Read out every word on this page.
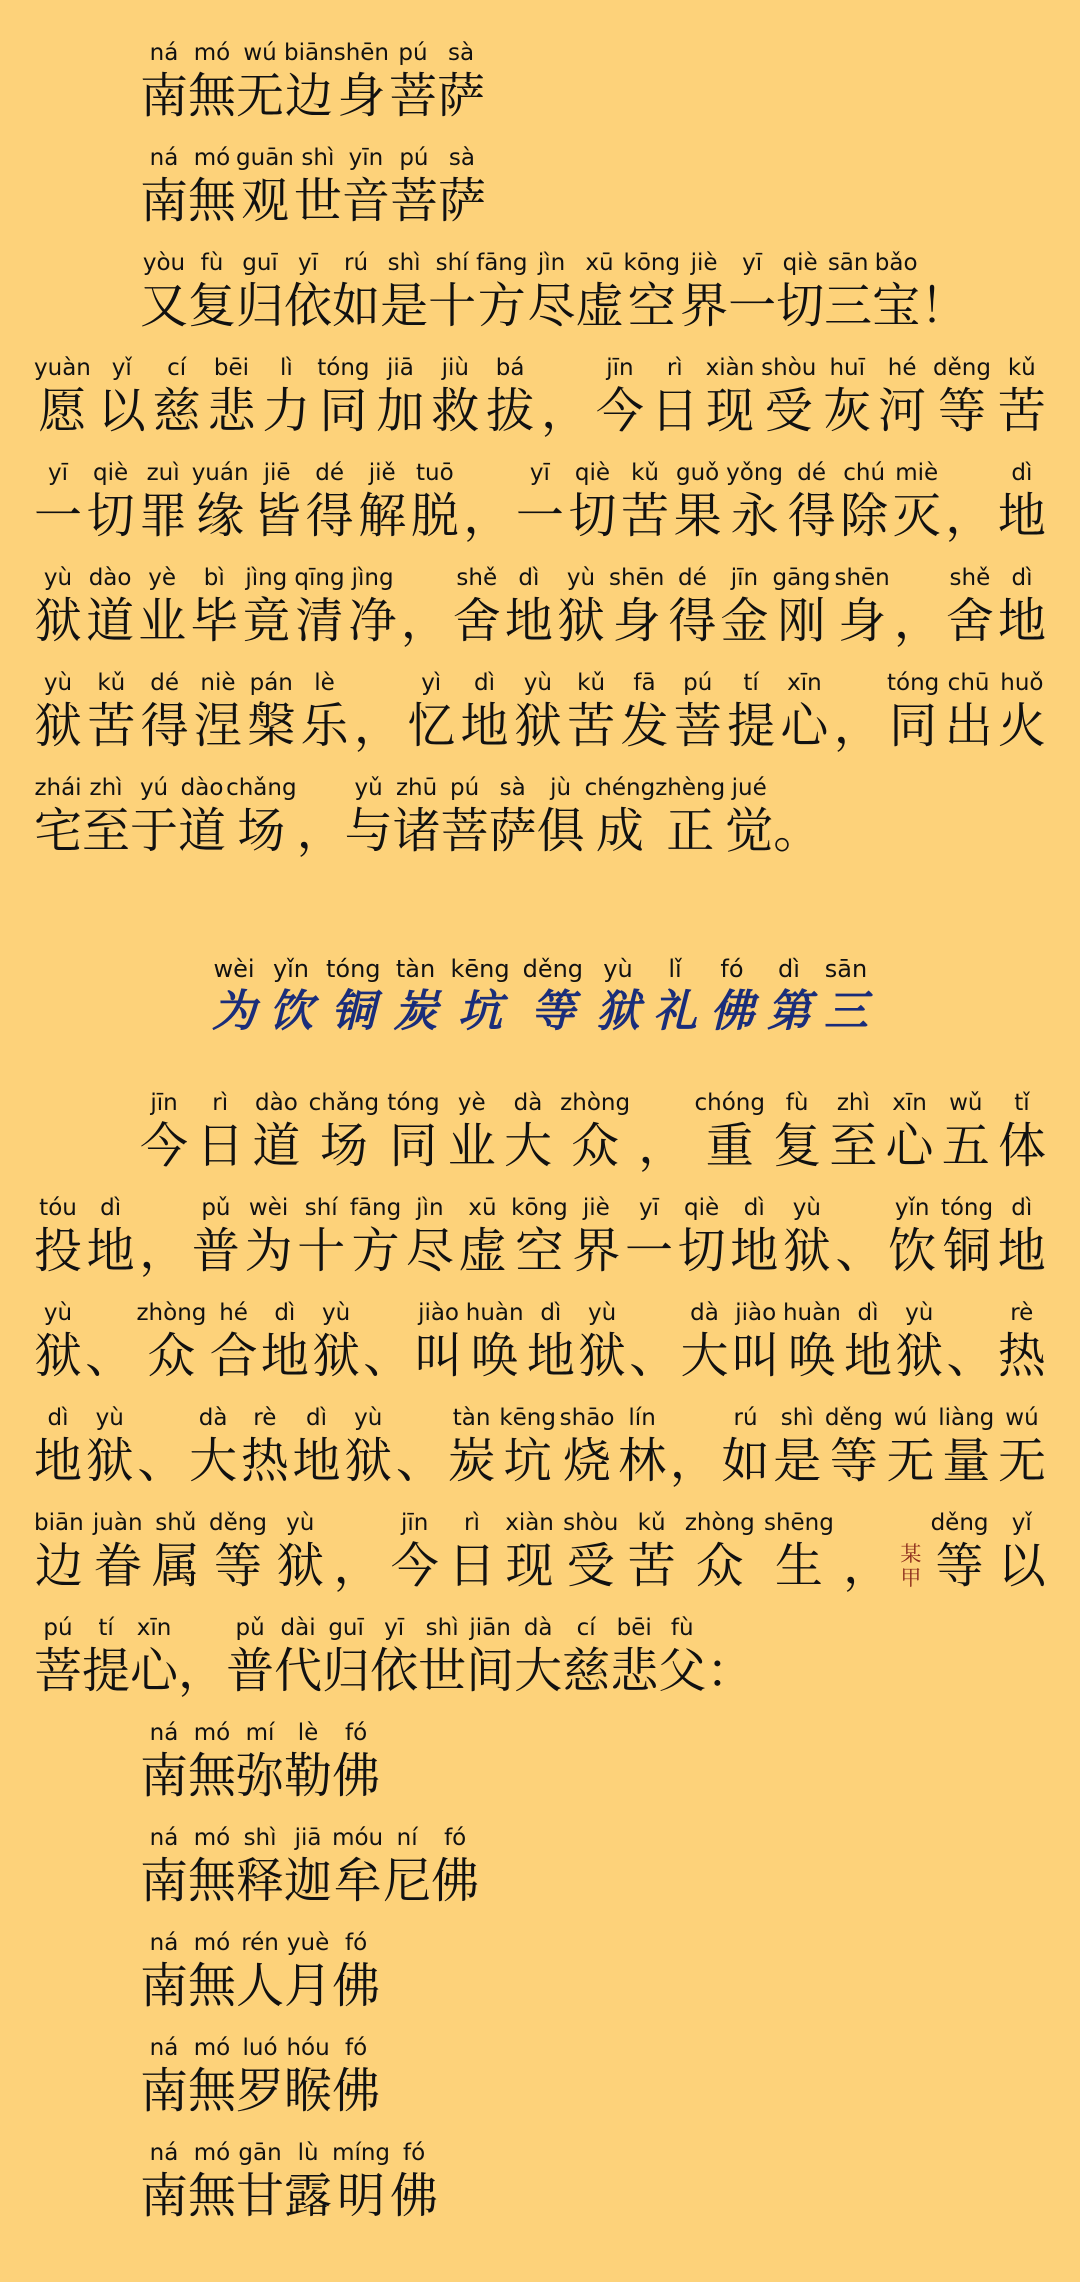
南ná
無mó
无wú
边biān
身shēn
菩pú
萨sà
南ná
無mó
观guān
世shì
音yīn
菩pú
萨sà
又yòu
复fù
归guī
依yī
如rú
是shì
十shí
方fāng
尽jìn
虚xū
空kōng
界jiè
一yī
切qiè
三sān
宝bǎo
！
愿yuàn
以yǐ
慈cí
悲bēi
力lì
同tóng
加jiā
救jiù
拔bá
， 今jīn
日rì
现xiàn
受shòu
灰huī
河hé
等děng
苦kǔ
一yī
切qiè
罪zuì
缘yuán
皆jiē
得dé
解jiě
脱tuō
， 一yī
切qiè
苦kǔ
果guǒ
永yǒng
得dé
除chú
灭miè
， 地dì
狱yù
道dào
业yè
毕bì
竟jìng
清qīng
净jìng
， 舍shě
地dì
狱yù
身shēn
得dé
金jīn
刚gāng
身shēn
， 舍shě
地dì
狱yù
苦kǔ
得dé
涅niè
槃pán
乐lè
， 忆yì
地dì
狱yù
苦kǔ
发fā
菩pú
提tí
心xīn
， 同tóng
出chū
火huǒ
宅zhái
至zhì
于yú
道dào
场chǎng
， 与yǔ
诸zhū
菩pú
萨sà
俱jù
成chéng
正zhèng
觉jué
。
为wèi
饮yǐn
铜tóng
炭tàn
坑kēng
等děng
狱yù
礼lǐ
佛fó
第dì
三sān
今jīn
日rì
道dào
场chǎng
同tóng
业yè
大dà
众zhòng
， 重chóng
复fù
至zhì
心xīn
五wǔ
体tǐ
投tóu
地dì
， 普pǔ
为wèi
十shí
方fāng
尽jìn
虚xū
空kōng
界jiè
一yī
切qiè
地dì
狱yù
、 饮yǐn
铜tóng
地dì
狱yù
、 众zhòng
合hé
地dì
狱yù
、 叫jiào
唤huàn
地dì
狱yù
、 大dà
叫jiào
唤huàn
地dì
狱yù
、 热rè
地dì
狱yù
、 大dà
热rè
地dì
狱yù
、 炭tàn
坑kēng
烧shāo
林lín
， 如rú
是shì
等děng
无wú
量liàng
无wú
边biān
眷juàn
属shǔ
等děng
狱yù
， 今jīn
日rì
现xiàn
受shòu
苦kǔ
众zhòng
生shēng
， 某
甲 等děng
以yǐ
菩pú
提tí
心xīn
， 普pǔ
代dài
归guī
依yī
世shì
间jiān
大dà
慈cí
悲bēi
父fù
：
南ná
無mó
弥mí
勒lè
佛fó
南ná
無mó
释shì
迦jiā
牟móu
尼ní
佛fó
南ná
無mó
人rén
月yuè
佛fó
南ná
無mó
罗luó
睺hóu
佛fó
南ná
無mó
甘gān
露lù
明míng
佛fó
